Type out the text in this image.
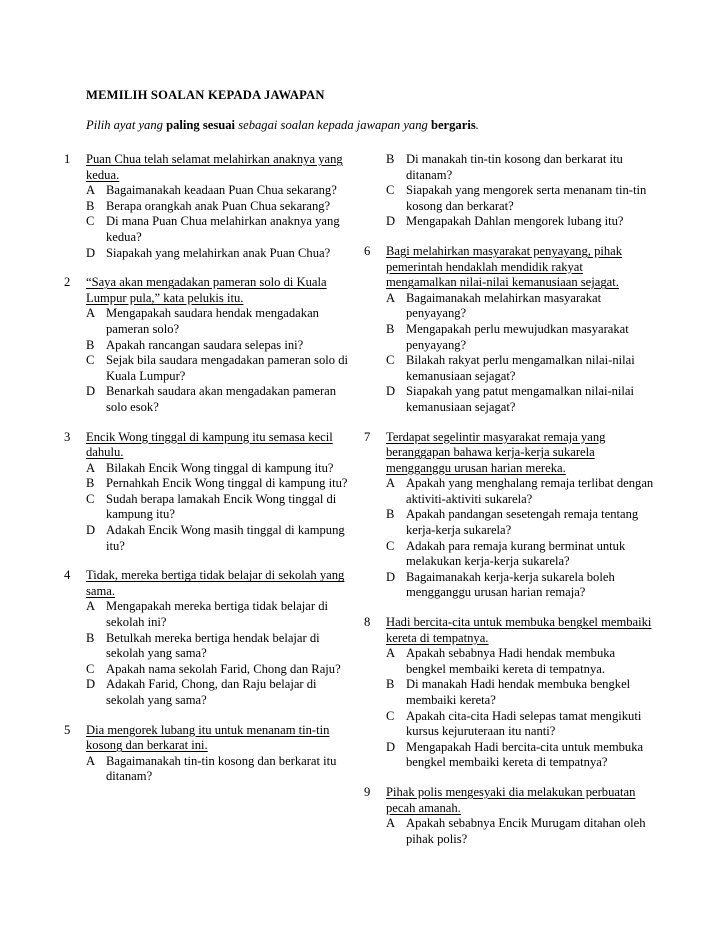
MEMILIH SOALAN KEPADA JAWAPAN
Pilih ayat yang paling sesuai sebagai soalan kepada jawapan yang bergaris.
1	Puan Chua telah selamat melahirkan anaknya yang kedua.
A Bagaimanakah keadaan Puan Chua sekarang?
B Berapa orangkah anak Puan Chua sekarang?
C Di mana Puan Chua melahirkan anaknya yang kedua?
D Siapakah yang melahirkan anak Puan Chua?
2	“Saya akan mengadakan pameran solo di Kuala Lumpur pula,” kata pelukis itu.
A Mengapakah saudara hendak mengadakan pameran solo?
B Apakah rancangan saudara selepas ini?
C Sejak bila saudara mengadakan pameran solo di Kuala Lumpur?
D Benarkah saudara akan mengadakan pameran solo esok?
3	Encik Wong tinggal di kampung itu semasa kecil dahulu.
A Bilakah Encik Wong tinggal di kampung itu?
B Pernahkah Encik Wong tinggal di kampung itu?
C Sudah berapa lamakah Encik Wong tinggal di kampung itu?
D Adakah Encik Wong masih tinggal di kampung itu?
4	Tidak, mereka bertiga tidak belajar di sekolah yang sama.
A Mengapakah mereka bertiga tidak belajar di sekolah ini?
B Betulkah mereka bertiga hendak belajar di sekolah yang sama?
C Apakah nama sekolah Farid, Chong dan Raju?
D Adakah Farid, Chong, dan Raju belajar di sekolah yang sama?
5	Dia mengorek lubang itu untuk menanam tin-tin kosong dan berkarat ini.
A Bagaimanakah tin-tin kosong dan berkarat itu ditanam?
B Di manakah tin-tin kosong dan berkarat itu ditanam?
C Siapakah yang mengorek serta menanam tin-tin kosong dan berkarat?
D Mengapakah Dahlan mengorek lubang itu?
6	Bagi melahirkan masyarakat penyayang, pihak pemerintah hendaklah mendidik rakyat mengamalkan nilai-nilai kemanusiaan sejagat.
A Bagaimanakah melahirkan masyarakat penyayang?
B Mengapakah perlu mewujudkan masyarakat penyayang?
C Bilakah rakyat perlu mengamalkan nilai-nilai kemanusiaan sejagat?
D Siapakah yang patut mengamalkan nilai-nilai kemanusiaan sejagat?
7	Terdapat segelintir masyarakat remaja yang beranggapan bahawa kerja-kerja sukarela mengganggu urusan harian mereka.
A Apakah yang menghalang remaja terlibat dengan aktiviti-aktiviti sukarela?
B Apakah pandangan sesetengah remaja tentang kerja-kerja sukarela?
C Adakah para remaja kurang berminat untuk melakukan kerja-kerja sukarela?
D Bagaimanakah kerja-kerja sukarela boleh mengganggu urusan harian remaja?
8	Hadi bercita-cita untuk membuka bengkel membaiki kereta di tempatnya.
A Apakah sebabnya Hadi hendak membuka bengkel membaiki kereta di tempatnya.
B Di manakah Hadi hendak membuka bengkel membaiki kereta?
C Apakah cita-cita Hadi selepas tamat mengikuti kursus kejuruteraan itu nanti?
D Mengapakah Hadi bercita-cita untuk membuka bengkel membaiki kereta di tempatnya?
9	Pihak polis mengesyaki dia melakukan perbuatan pecah amanah.
A Apakah sebabnya Encik Murugam ditahan oleh pihak polis?
